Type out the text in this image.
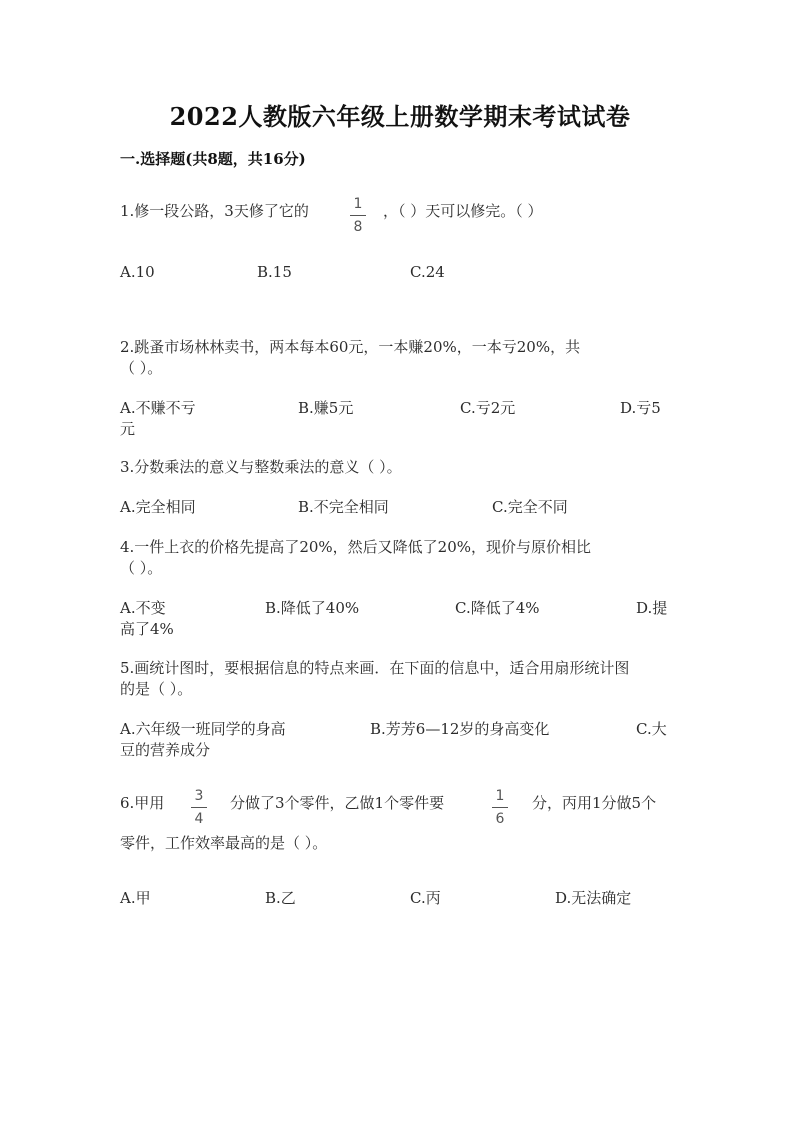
2022人教版六年级上册数学期末考试试卷
一.选择题(共8题，共16分)
1.修一段公路，3天修了它的	1
8
，（ ）天可以修完。（ ）
A.10	B.15	C.24
2.跳蚤市场林林卖书，两本每本60元，一本赚20%，一本亏20%，共
（ ）。
A.不赚不亏	B.赚5元	C.亏2元	D.亏5
元
3.分数乘法的意义与整数乘法的意义（ ）。
A.完全相同	B.不完全相同	C.完全不同
4.一件上衣的价格先提高了20%，然后又降低了20%，现价与原价相比
（ ）。
A.不变	B.降低了40%	C.降低了4%	D.提
高了4%
5.画统计图时，要根据信息的特点来画．在下面的信息中，适合用扇形统计图
的是（ ）。
A.六年级一班同学的身高	B.芳芳6—12岁的身高变化	C.大
豆的营养成分
6.甲用	3
4
分做了3个零件，乙做1个零件要	1
6
分，丙用1分做5个
零件，工作效率最高的是（ ）。
A.甲	B.乙	C.丙	D.无法确定
